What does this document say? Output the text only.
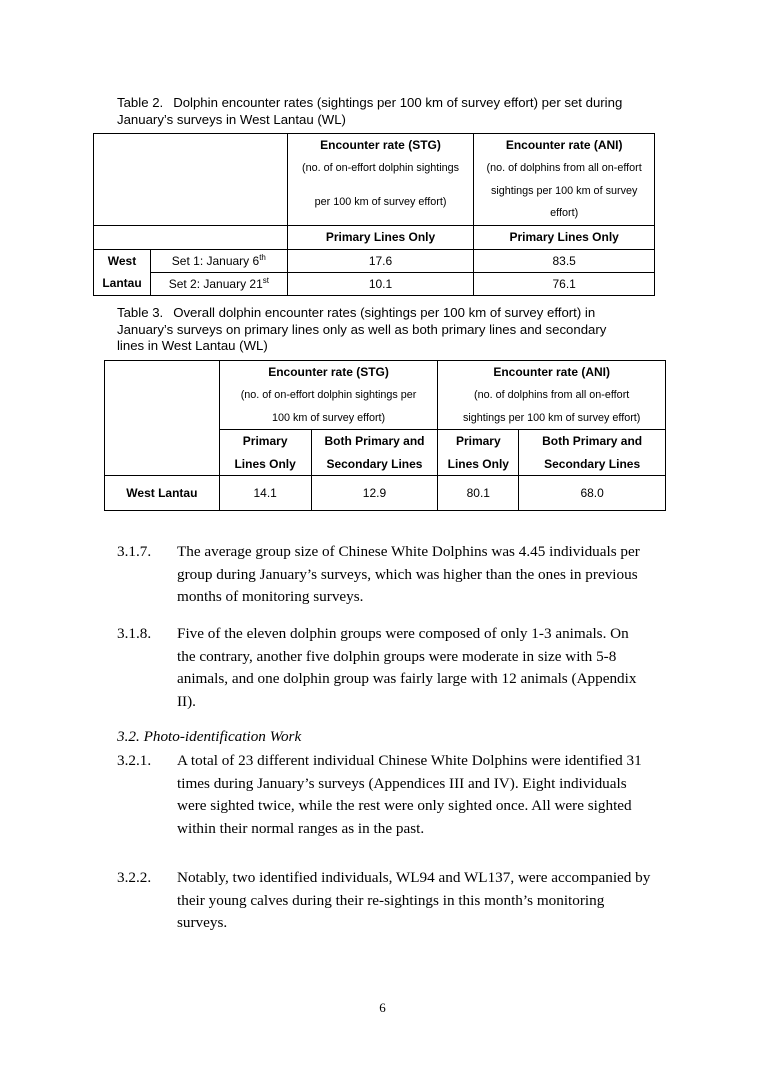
Table 2. Dolphin encounter rates (sightings per 100 km of survey effort) per set during
January’s surveys in West Lantau (WL)
		Encounter rate (STG)	Encounter rate (ANI)
		(no. of on-effort dolphin sightings	(no. of dolphins from all on-effort
		per 100 km of survey effort)	sightings per 100 km of survey effort)
		Primary Lines Only	Primary Lines Only
West	Set 1: January 6th	17.6	83.5
Lantau	Set 2: January 21st	10.1	76.1
Table 3. Overall dolphin encounter rates (sightings per 100 km of survey effort) in
January’s surveys on primary lines only as well as both primary lines and secondary
lines in West Lantau (WL)
	Encounter rate (STG)		Encounter rate (ANI)	
	(no. of on-effort dolphin sightings per		(no. of dolphins from all on-effort	
	100 km of survey effort)		sightings per 100 km of survey effort)	
	Primary	Both Primary and	Primary	Both Primary and
	Lines Only	Secondary Lines	Lines Only	Secondary Lines
West Lantau	14.1	12.9	80.1	68.0
3.1.7. The average group size of Chinese White Dolphins was 4.45 individuals per
group during January’s surveys, which was higher than the ones in previous
months of monitoring surveys.
3.1.8. Five of the eleven dolphin groups were composed of only 1-3 animals. On
the contrary, another five dolphin groups were moderate in size with 5-8
animals, and one dolphin group was fairly large with 12 animals (Appendix
II).
3.2. Photo-identification Work
3.2.1. A total of 23 different individual Chinese White Dolphins were identified 31
times during January’s surveys (Appendices III and IV). Eight individuals
were sighted twice, while the rest were only sighted once. All were sighted
within their normal ranges as in the past.
3.2.2. Notably, two identified individuals, WL94 and WL137, were accompanied by
their young calves during their re-sightings in this month’s monitoring
surveys.
6
